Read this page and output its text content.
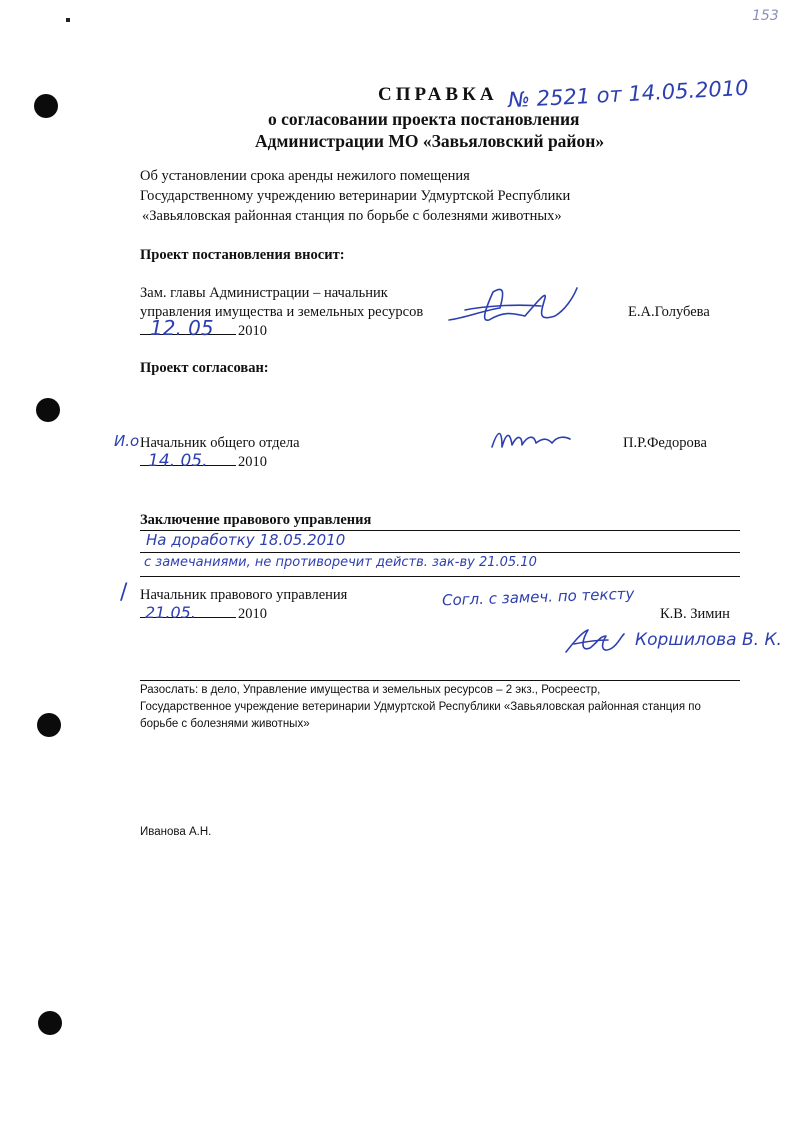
153
СПРАВКА № 2521 от 14.05.2010
о согласовании проекта постановления
Администрации МО «Завьяловский район»
Об установлении срока аренды нежилого помещения
Государственному учреждению ветеринарии Удмуртской Республики
«Завьяловская районная станция по борьбе с болезнями животных»
Проект постановления вносит:
Зам. главы Администрации – начальник
управления имущества и земельных ресурсов	Е.А.Голубева
2010
12. 05
Проект согласован:
И.о Начальник общего отдела	П.Р.Федорова
2010
14. 05.
Заключение правового управления
На доработку 18.05.2010
с замечаниями, не противоречит действ. зак-ву 21.05.10
/ Начальник правового управления	Согл. с замеч. по тексту
2010
21.05.	К.В. Зимин
Коршилова В. К.
Разослать: в дело, Управление имущества и земельных ресурсов – 2 экз., Росреестр,
Государственное учреждение ветеринарии Удмуртской Республики «Завьяловская районная станция по
борьбе с болезнями животных»
Иванова А.Н.
